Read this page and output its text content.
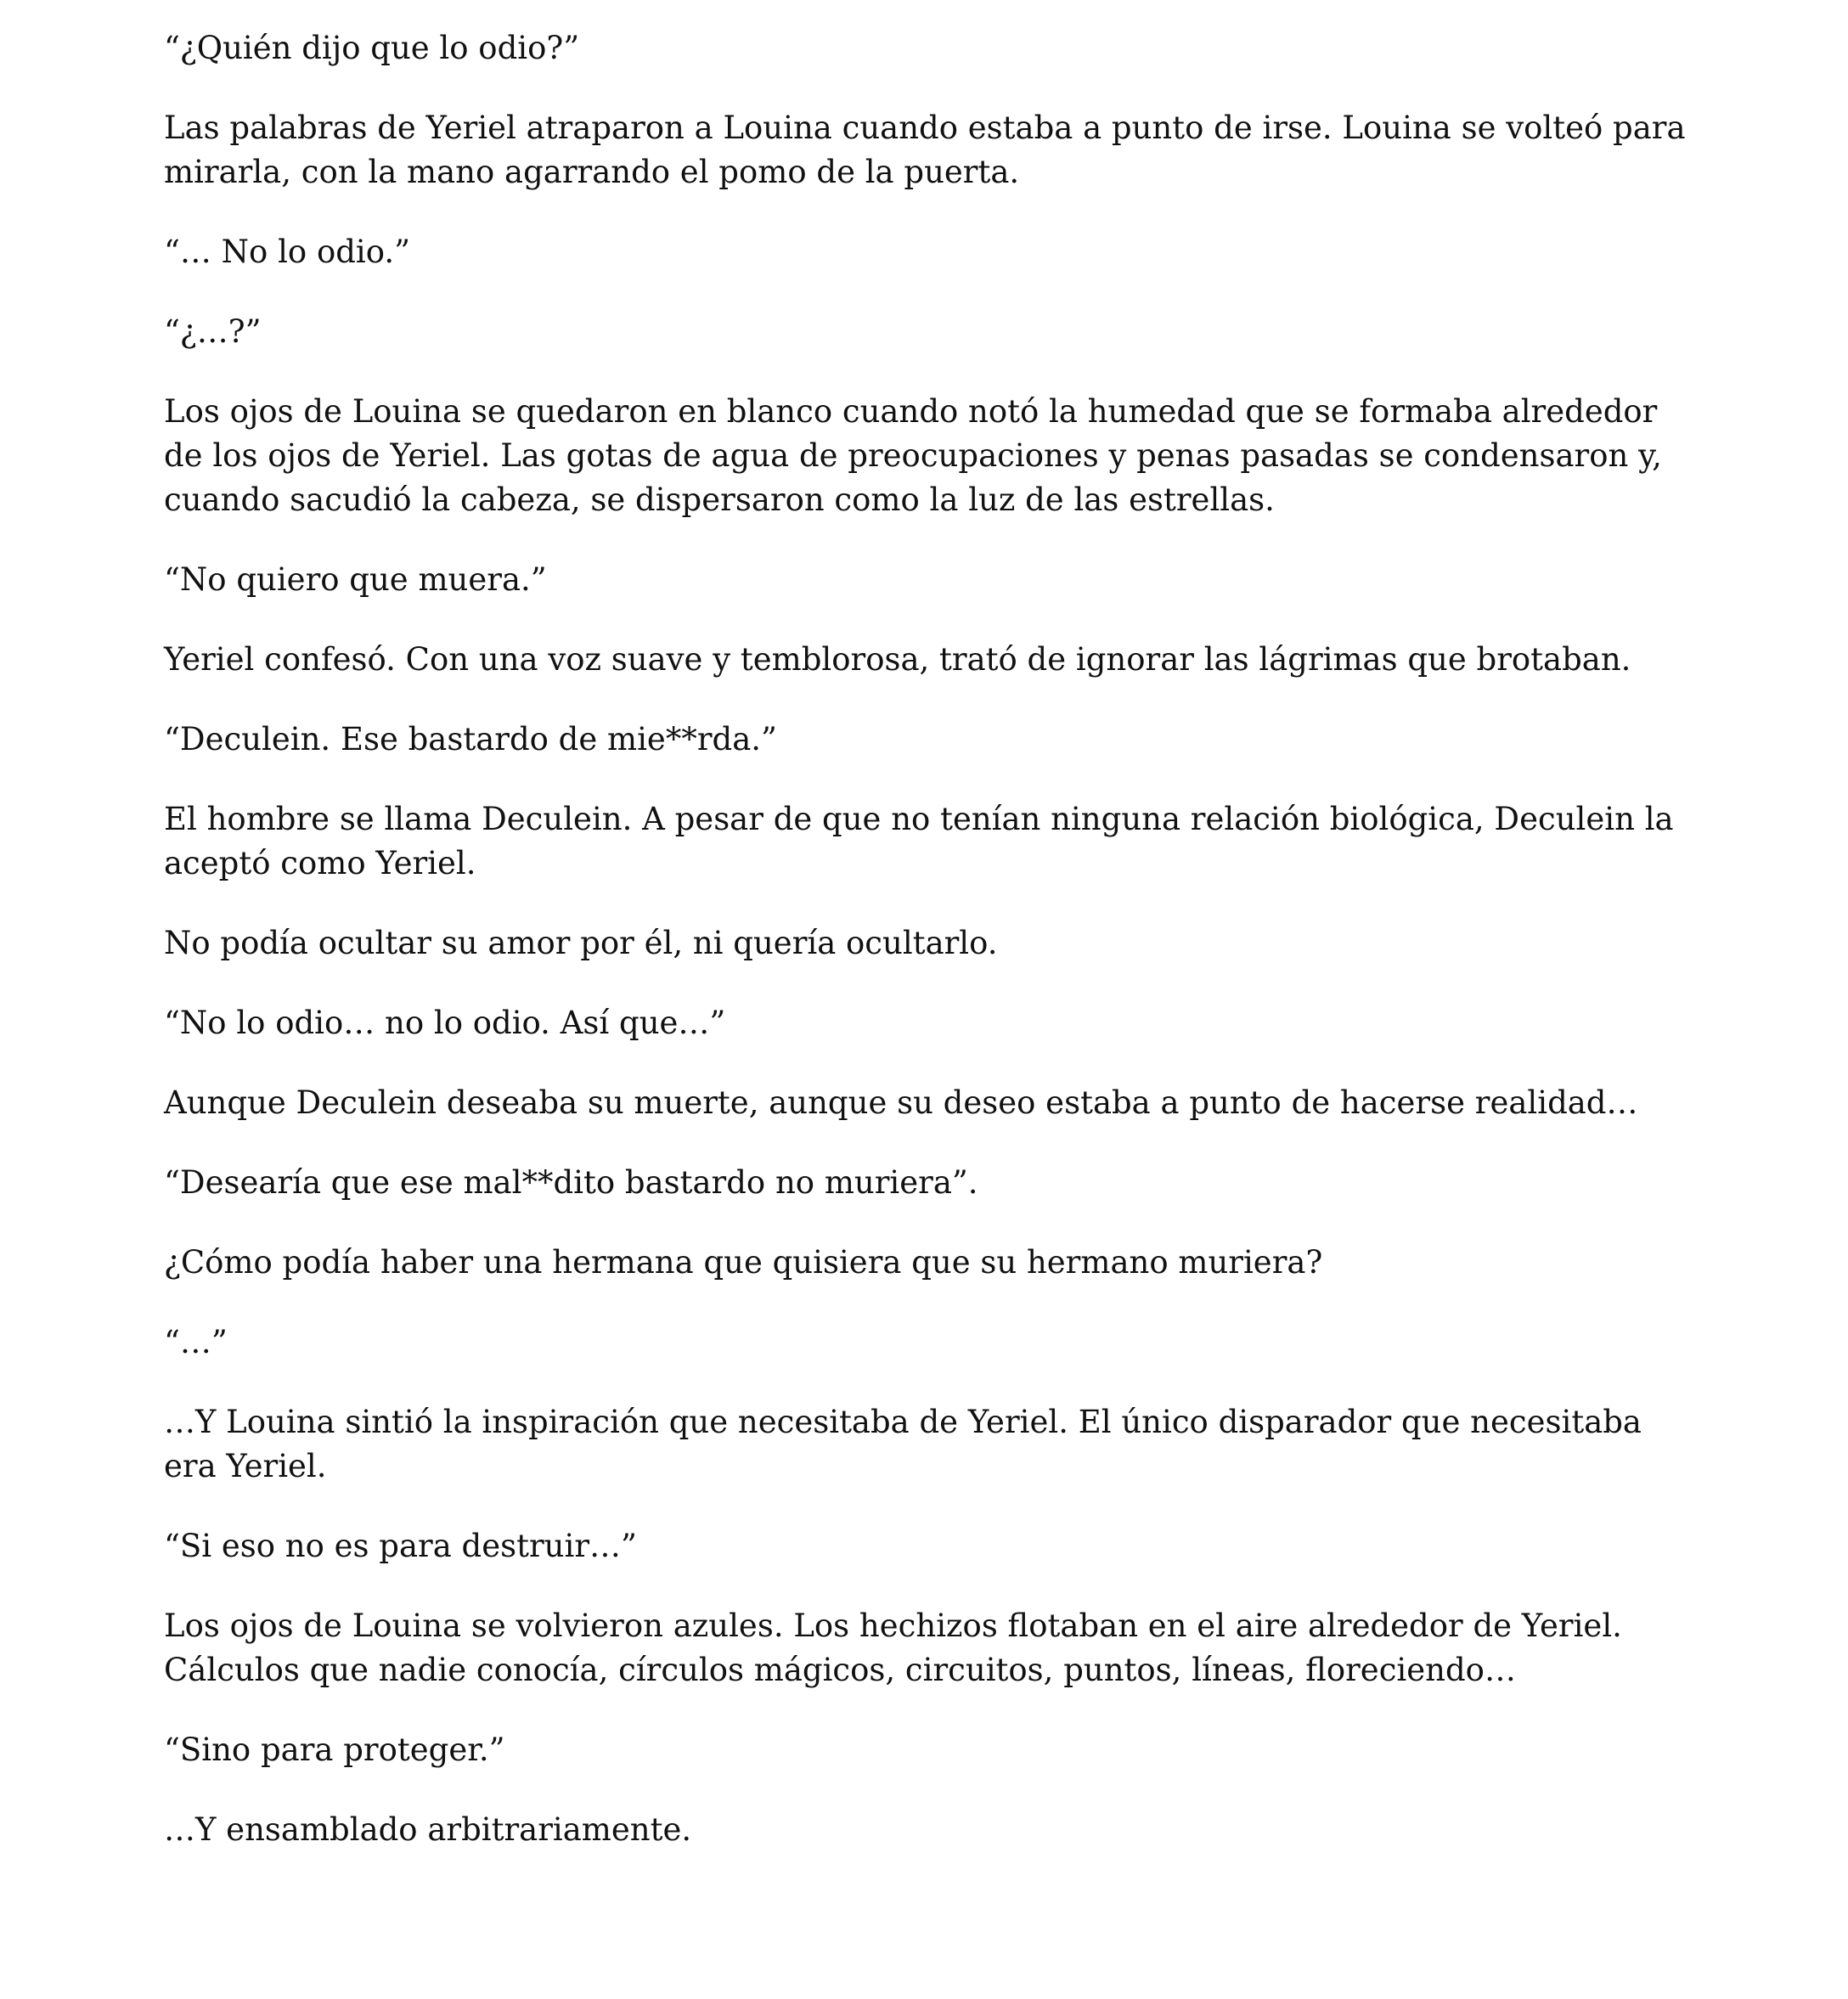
“¿Quién dijo que lo odio?”

Las palabras de Yeriel atraparon a Louina cuando estaba a punto de irse. Louina se volteó para mirarla, con la mano agarrando el pomo de la puerta.

“… No lo odio.”

“¿…?”

Los ojos de Louina se quedaron en blanco cuando notó la humedad que se formaba alrededor de los ojos de Yeriel. Las gotas de agua de preocupaciones y penas pasadas se condensaron y, cuando sacudió la cabeza, se dispersaron como la luz de las estrellas.

“No quiero que muera.”

Yeriel confesó. Con una voz suave y temblorosa, trató de ignorar las lágrimas que brotaban.

“Deculein. Ese bastardo de mie**rda.”

El hombre se llama Deculein. A pesar de que no tenían ninguna relación biológica, Deculein la aceptó como Yeriel.

No podía ocultar su amor por él, ni quería ocultarlo.

“No lo odio… no lo odio. Así que…”

Aunque Deculein deseaba su muerte, aunque su deseo estaba a punto de hacerse realidad…

“Desearía que ese mal**dito bastardo no muriera”.

¿Cómo podía haber una hermana que quisiera que su hermano muriera?

“…”

…Y Louina sintió la inspiración que necesitaba de Yeriel. El único disparador que necesitaba era Yeriel.

“Si eso no es para destruir…”

Los ojos de Louina se volvieron azules. Los hechizos flotaban en el aire alrededor de Yeriel. Cálculos que nadie conocía, círculos mágicos, circuitos, puntos, líneas, floreciendo…

“Sino para proteger.”

…Y ensamblado arbitrariamente.
